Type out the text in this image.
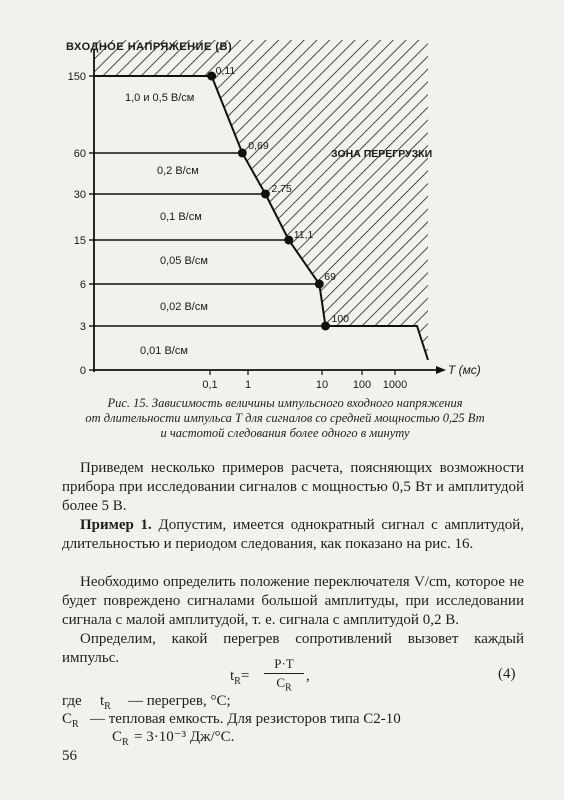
150
60
30
15
6
3
0
0,1 1	10 100 1000
ВХОДНОЕ НАПРЯЖЕНИЕ (В)
Т (мс)
ЗОНА ПЕРЕГРУЗКИ
1,0 и 0,5 В/см
0,2 В/см
0,1 В/см
0,05 В/см
0,02 В/см
0,01 В/см
0,11
0,69
2,75
11,1
69
100
Рис. 15. Зависимость величины импульсного входного напряжения
от длительности импульса Т для сигналов со средней мощностью 0,25 Вт
и частотой следования более одного в минуту
Приведем несколько примеров расчета, поясняющих возможности прибора при исследовании сигналов с мощностью 0,5 Вт и амплитудой более 5 В.
Пример 1. Допустим, имеется однократный сигнал с амплитудой, длительностью и периодом следования, как показано на рис. 16.
Необходимо определить положение переключателя V/cm, которое не будет повреждено сигналами большой амплитуды, при исследовании сигнала с малой амплитудой, т. е. сигнала с амплитудой 0,2 В.
Определим, какой перегрев сопротивлений вызовет каждый импульс.
$t_R=$
P·T
$C_R$
,	(4)
где $t_R$ — перегрев, °С;
$C_R$ — тепловая емкость. Для резисторов типа С2-10
$C_R = 3\cdot 10^{-3}$ Дж/°С.
56
